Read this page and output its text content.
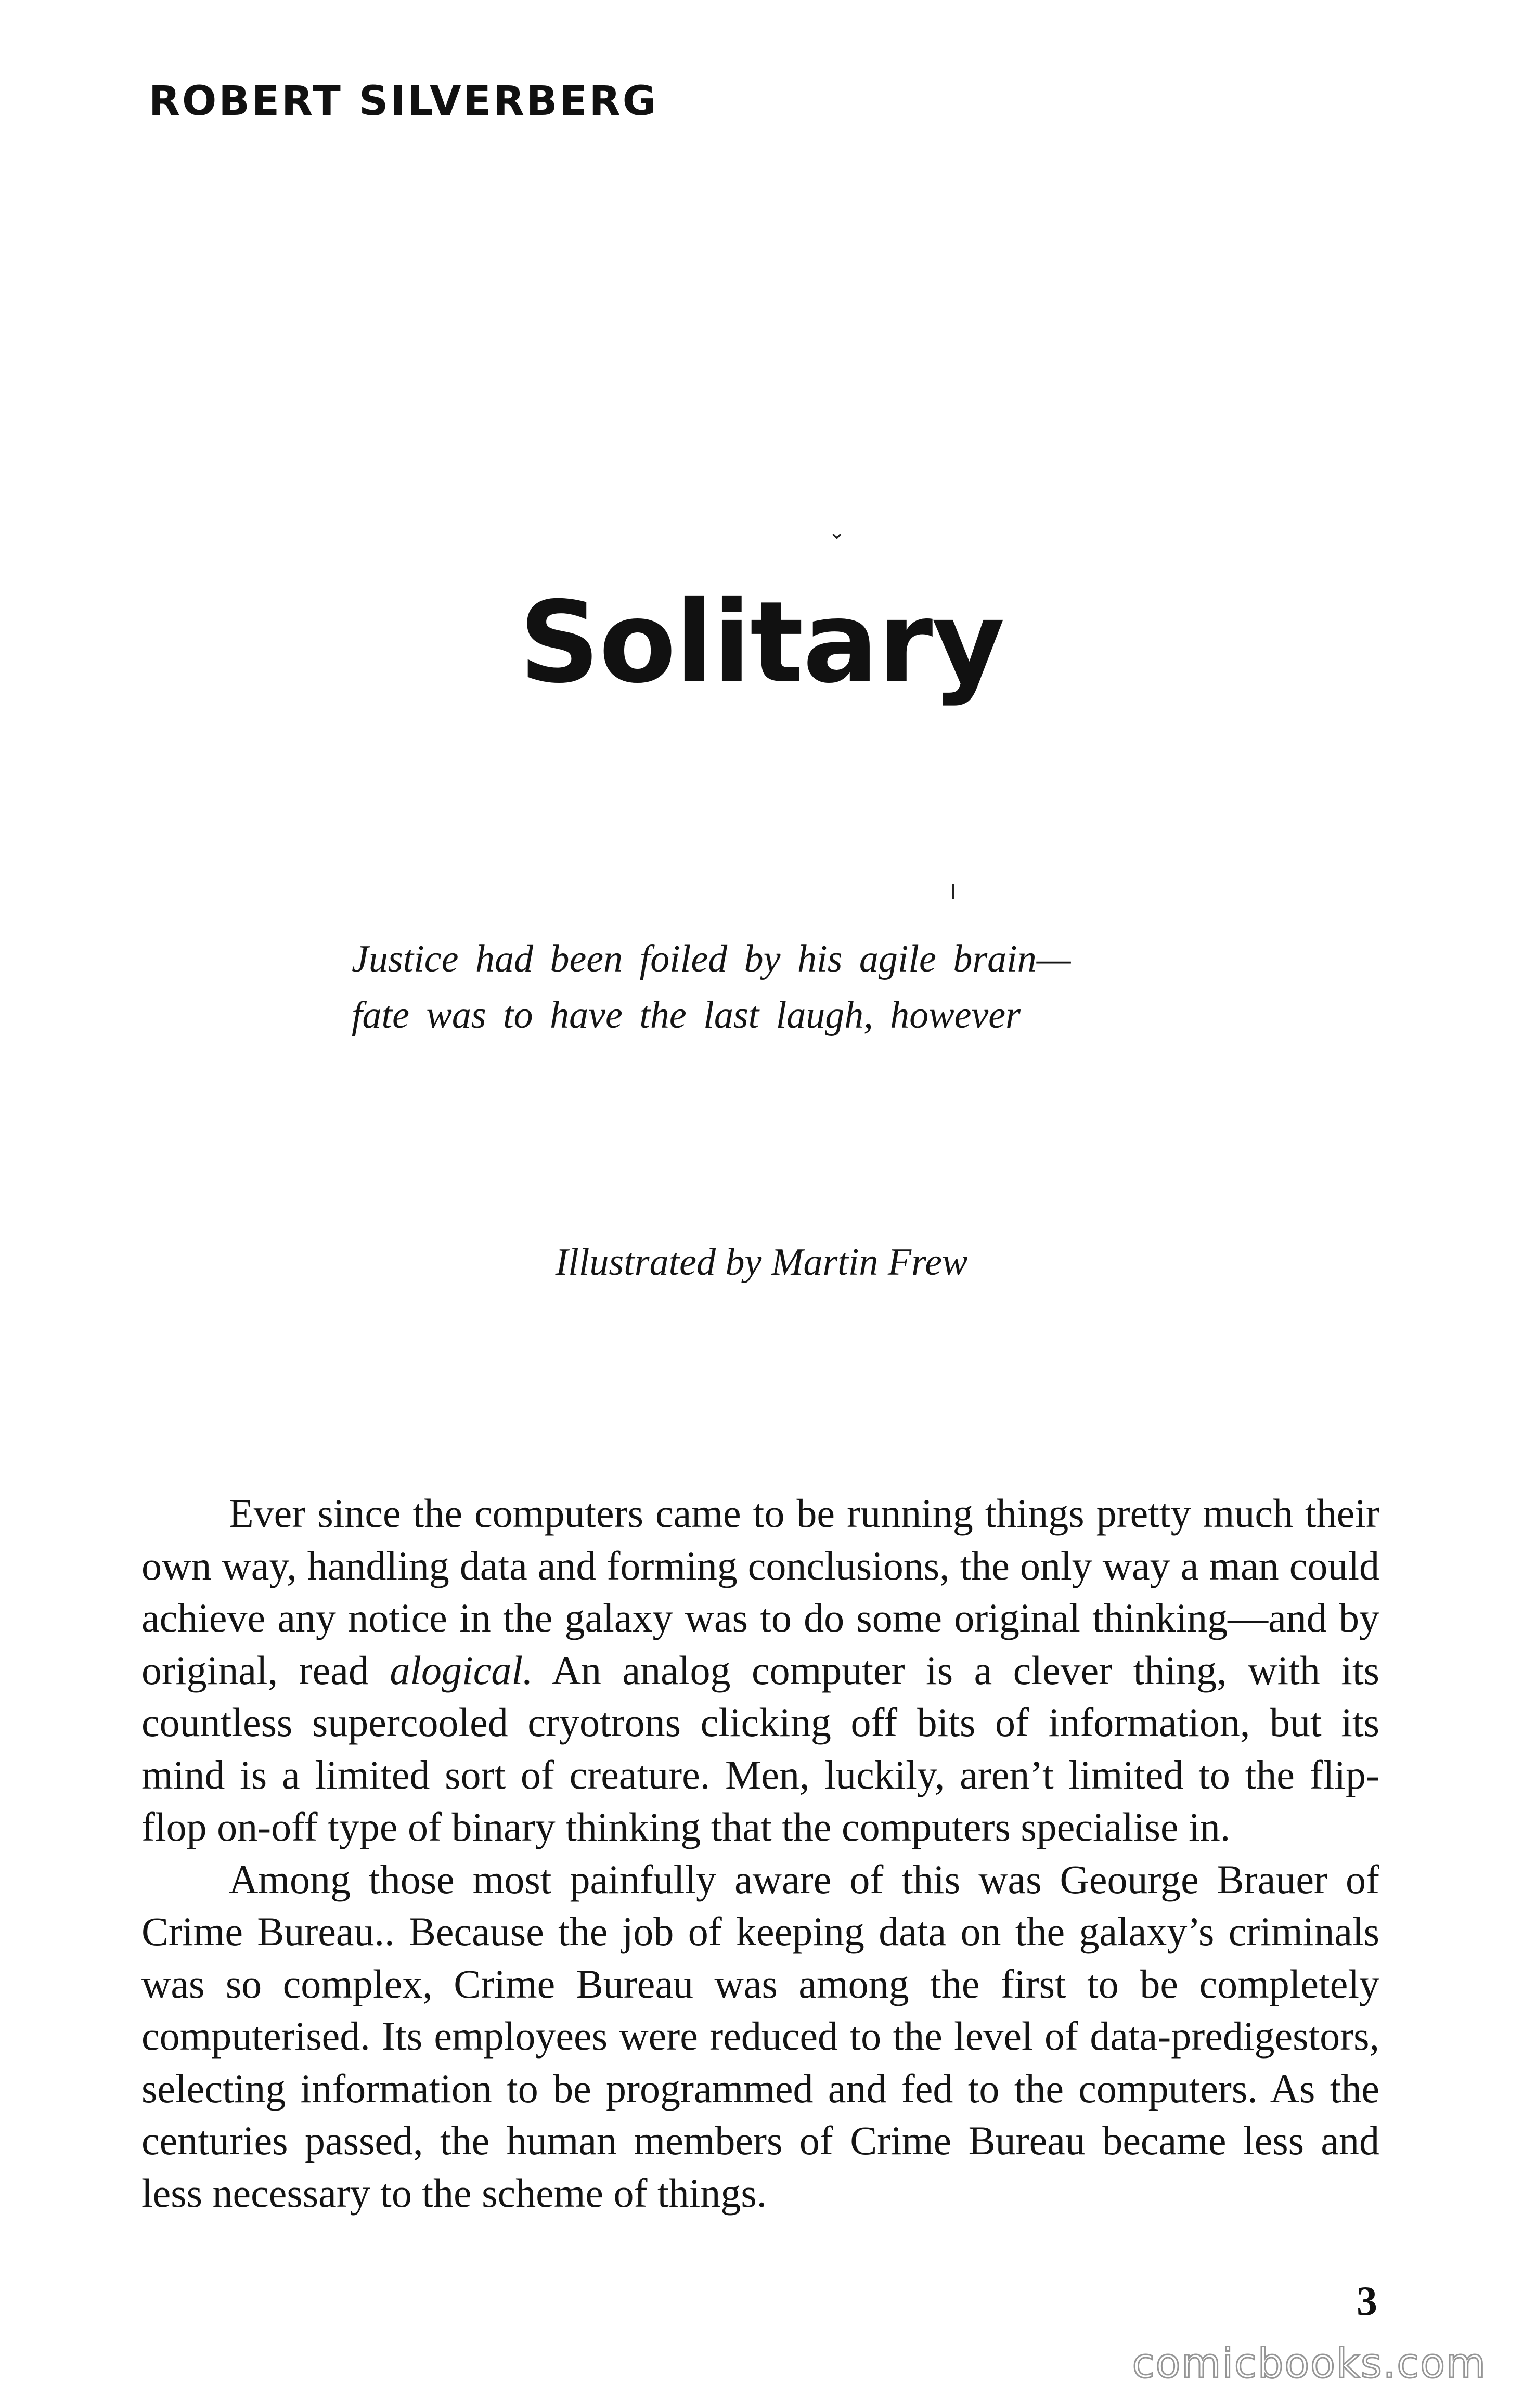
ROBERT SILVERBERG
⌄
Solitary
Justice had been foiled by his agile brain—
fate was to have the last laugh, however
Illustrated by Martin Frew

Ever since the computers came to be running things pretty much their own way, handling data and forming conclusions, the only way a man could achieve any notice in the galaxy was to do some original thinking—and by original, read alogical. An analog computer is a clever thing, with its countless supercooled cryotrons clicking off bits of information, but its mind is a limited sort of creature. Men, luckily, aren’t limited to the flip-flop on-off type of binary thinking that the computers specialise in.

Among those most painfully aware of this was Geourge Brauer of Crime Bureau.. Because the job of keeping data on the galaxy’s criminals was so complex, Crime Bureau was among the first to be completely computerised. Its employees were reduced to the level of data-predigestors, selecting information to be programmed and fed to the computers. As the centuries passed, the human members of Crime Bureau became less and less necessary to the scheme of things.

3
comicbooks.com
